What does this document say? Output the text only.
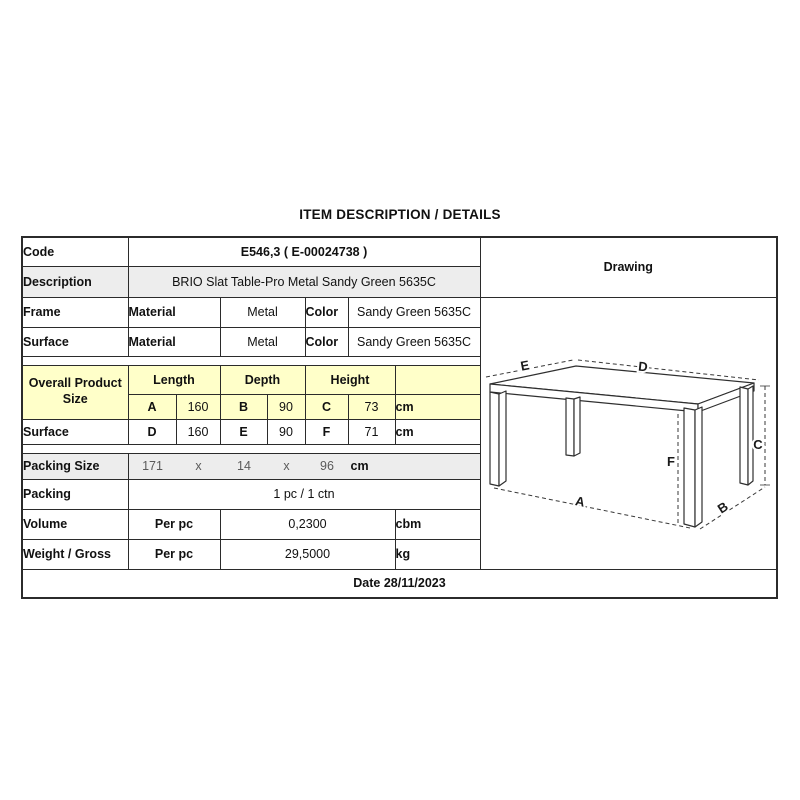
ITEM DESCRIPTION / DETAILS
Code	E546,3 ( E-00024738 )							Drawing
Description	BRIO Slat Table-Pro Metal Sandy Green 5635C							
Frame	Material	Metal	Color	Sandy Green 5635C	
E	D
C
F
A	B

Surface	Material		Metal		Color	Sandy Green 5635C		

Overall Product Size	Length		Depth		Height			
	A	160	B	90	C	73	cm	
Surface	D	160	E	90	F	71	cm	

Packing Size	171	x	14	x	96	cm

Packing	1 pc / 1 ctn							
Volume	Per pc		0,2300				cbm	
Weight / Gross	Per pc		29,5000				kg	
Date 28/11/2023								
